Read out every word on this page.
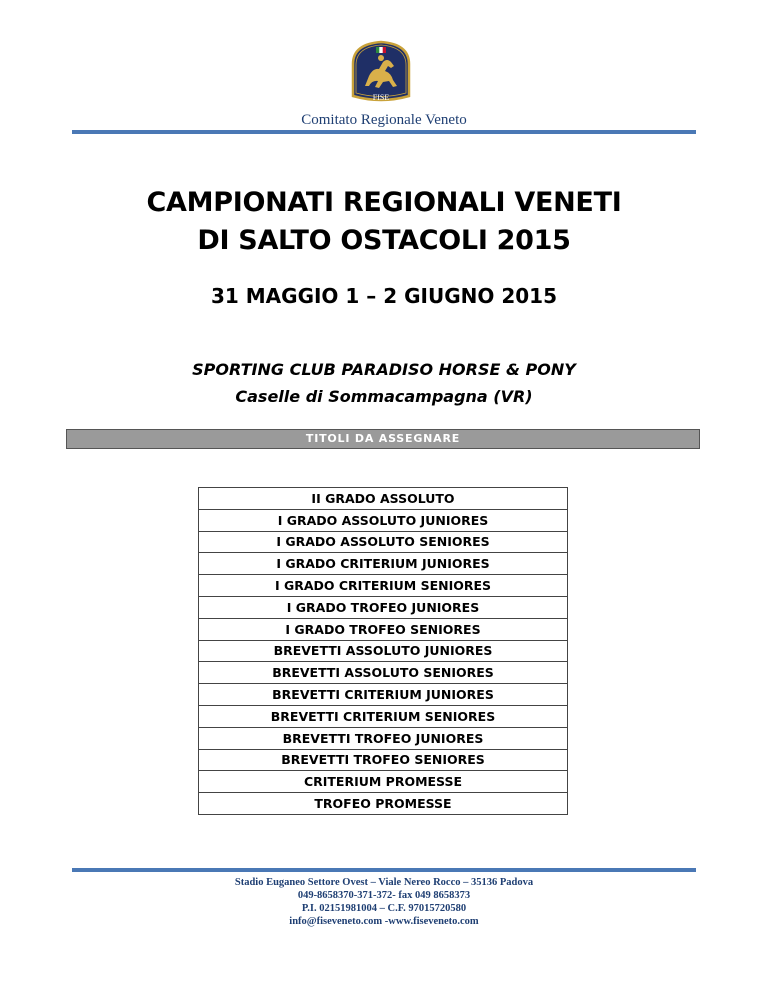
FISE
Comitato Regionale Veneto
CAMPIONATI REGIONALI VENETI
DI SALTO OSTACOLI 2015
31 MAGGIO 1 – 2 GIUGNO 2015
SPORTING CLUB PARADISO HORSE & PONY
Caselle di Sommacampagna (VR)
TITOLI DA ASSEGNARE
II GRADO ASSOLUTO
I GRADO ASSOLUTO JUNIORES
I GRADO ASSOLUTO SENIORES
I GRADO CRITERIUM JUNIORES
I GRADO CRITERIUM SENIORES
I GRADO TROFEO JUNIORES
I GRADO TROFEO SENIORES
BREVETTI ASSOLUTO JUNIORES
BREVETTI ASSOLUTO SENIORES
BREVETTI CRITERIUM JUNIORES
BREVETTI CRITERIUM SENIORES
BREVETTI TROFEO JUNIORES
BREVETTI TROFEO SENIORES
CRITERIUM PROMESSE
TROFEO PROMESSE
Stadio Euganeo Settore Ovest – Viale Nereo Rocco – 35136 Padova
049-8658370-371-372- fax 049 8658373
P.I. 02151981004 – C.F. 97015720580
info@fiseveneto.com -www.fiseveneto.com
